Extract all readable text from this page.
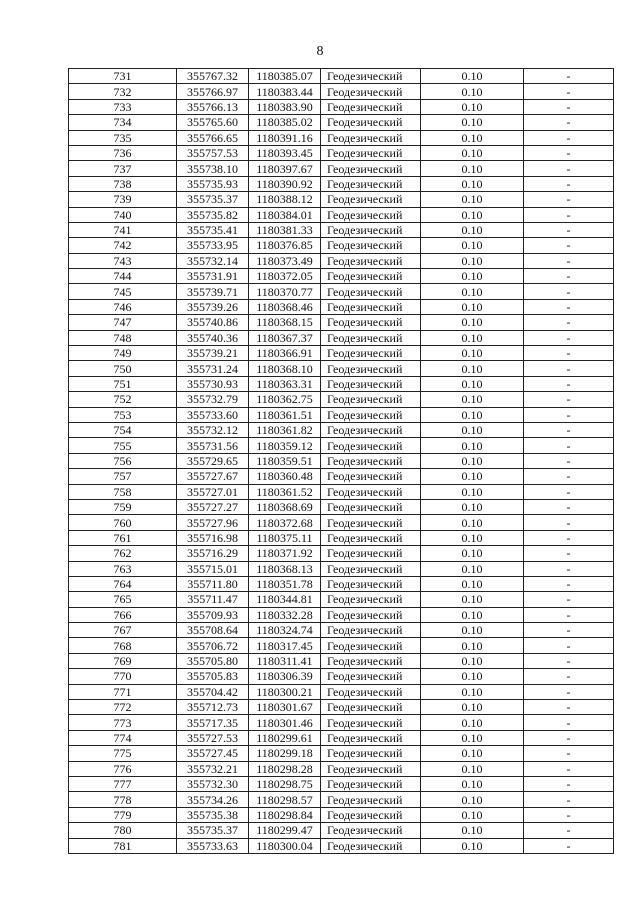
8
731	355767.32	1180385.07	Геодезический	0.10	-
732	355766.97	1180383.44	Геодезический	0.10	-
733	355766.13	1180383.90	Геодезический	0.10	-
734	355765.60	1180385.02	Геодезический	0.10	-
735	355766.65	1180391.16	Геодезический	0.10	-
736	355757.53	1180393.45	Геодезический	0.10	-
737	355738.10	1180397.67	Геодезический	0.10	-
738	355735.93	1180390.92	Геодезический	0.10	-
739	355735.37	1180388.12	Геодезический	0.10	-
740	355735.82	1180384.01	Геодезический	0.10	-
741	355735.41	1180381.33	Геодезический	0.10	-
742	355733.95	1180376.85	Геодезический	0.10	-
743	355732.14	1180373.49	Геодезический	0.10	-
744	355731.91	1180372.05	Геодезический	0.10	-
745	355739.71	1180370.77	Геодезический	0.10	-
746	355739.26	1180368.46	Геодезический	0.10	-
747	355740.86	1180368.15	Геодезический	0.10	-
748	355740.36	1180367.37	Геодезический	0.10	-
749	355739.21	1180366.91	Геодезический	0.10	-
750	355731.24	1180368.10	Геодезический	0.10	-
751	355730.93	1180363.31	Геодезический	0.10	-
752	355732.79	1180362.75	Геодезический	0.10	-
753	355733.60	1180361.51	Геодезический	0.10	-
754	355732.12	1180361.82	Геодезический	0.10	-
755	355731.56	1180359.12	Геодезический	0.10	-
756	355729.65	1180359.51	Геодезический	0.10	-
757	355727.67	1180360.48	Геодезический	0.10	-
758	355727.01	1180361.52	Геодезический	0.10	-
759	355727.27	1180368.69	Геодезический	0.10	-
760	355727.96	1180372.68	Геодезический	0.10	-
761	355716.98	1180375.11	Геодезический	0.10	-
762	355716.29	1180371.92	Геодезический	0.10	-
763	355715.01	1180368.13	Геодезический	0.10	-
764	355711.80	1180351.78	Геодезический	0.10	-
765	355711.47	1180344.81	Геодезический	0.10	-
766	355709.93	1180332.28	Геодезический	0.10	-
767	355708.64	1180324.74	Геодезический	0.10	-
768	355706.72	1180317.45	Геодезический	0.10	-
769	355705.80	1180311.41	Геодезический	0.10	-
770	355705.83	1180306.39	Геодезический	0.10	-
771	355704.42	1180300.21	Геодезический	0.10	-
772	355712.73	1180301.67	Геодезический	0.10	-
773	355717.35	1180301.46	Геодезический	0.10	-
774	355727.53	1180299.61	Геодезический	0.10	-
775	355727.45	1180299.18	Геодезический	0.10	-
776	355732.21	1180298.28	Геодезический	0.10	-
777	355732.30	1180298.75	Геодезический	0.10	-
778	355734.26	1180298.57	Геодезический	0.10	-
779	355735.38	1180298.84	Геодезический	0.10	-
780	355735.37	1180299.47	Геодезический	0.10	-
781	355733.63	1180300.04	Геодезический	0.10	-
